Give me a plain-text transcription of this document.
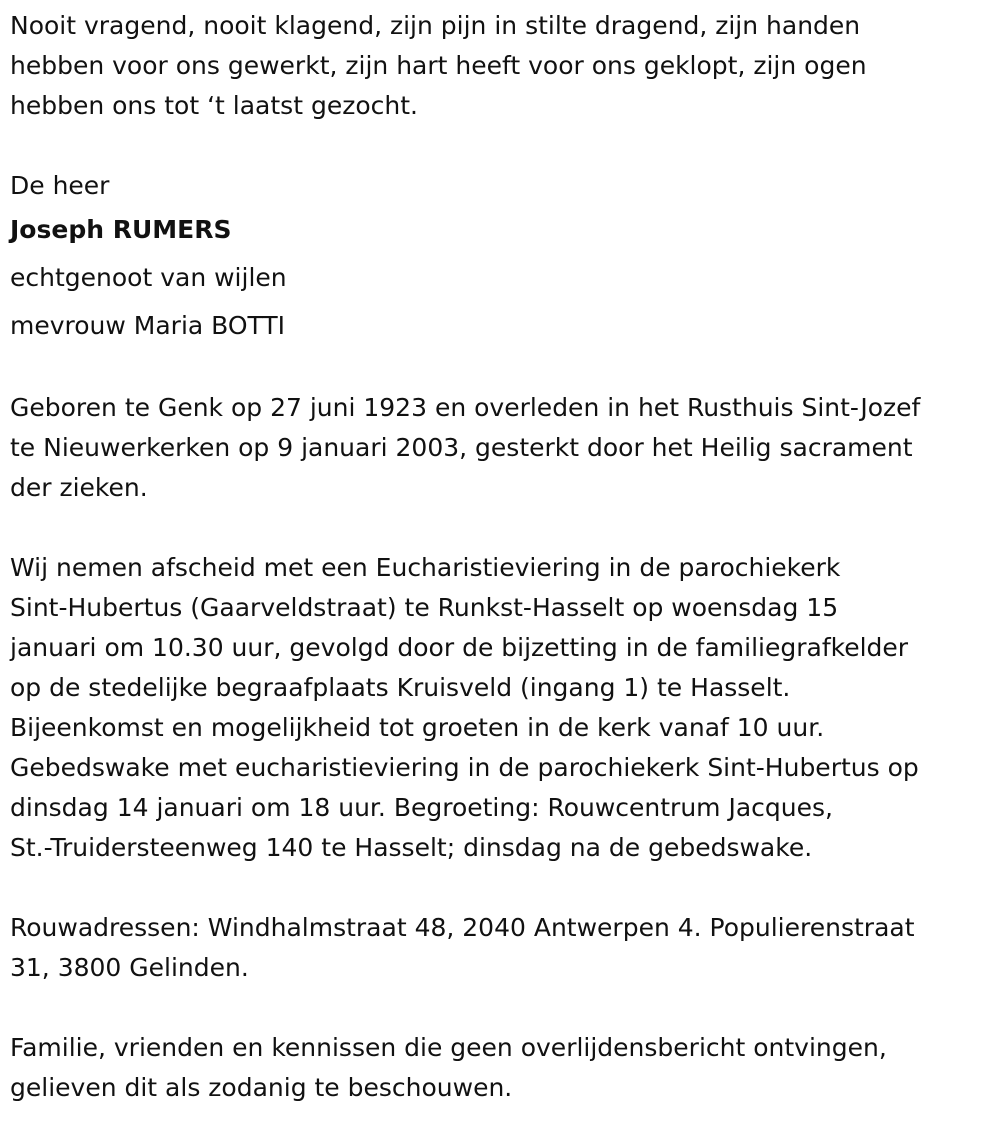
Nooit vragend, nooit klagend, zijn pijn in stilte dragend, zijn handen
hebben voor ons gewerkt, zijn hart heeft voor ons geklopt, zijn ogen
hebben ons tot ‘t laatst gezocht.

De heer
Joseph RUMERS
echtgenoot van wijlen
mevrouw Maria BOTTI

Geboren te Genk op 27 juni 1923 en overleden in het Rusthuis Sint-Jozef
te Nieuwerkerken op 9 januari 2003, gesterkt door het Heilig sacrament
der zieken.

Wij nemen afscheid met een Eucharistieviering in de parochiekerk
Sint-Hubertus (Gaarveldstraat) te Runkst-Hasselt op woensdag 15
januari om 10.30 uur, gevolgd door de bijzetting in de familiegrafkelder
op de stedelijke begraafplaats Kruisveld (ingang 1) te Hasselt.
Bijeenkomst en mogelijkheid tot groeten in de kerk vanaf 10 uur.
Gebedswake met eucharistieviering in de parochiekerk Sint-Hubertus op
dinsdag 14 januari om 18 uur. Begroeting: Rouwcentrum Jacques,
St.-Truidersteenweg 140 te Hasselt; dinsdag na de gebedswake.

Rouwadressen: Windhalmstraat 48, 2040 Antwerpen 4. Populierenstraat
31, 3800 Gelinden.

Familie, vrienden en kennissen die geen overlijdensbericht ontvingen,
gelieven dit als zodanig te beschouwen.
